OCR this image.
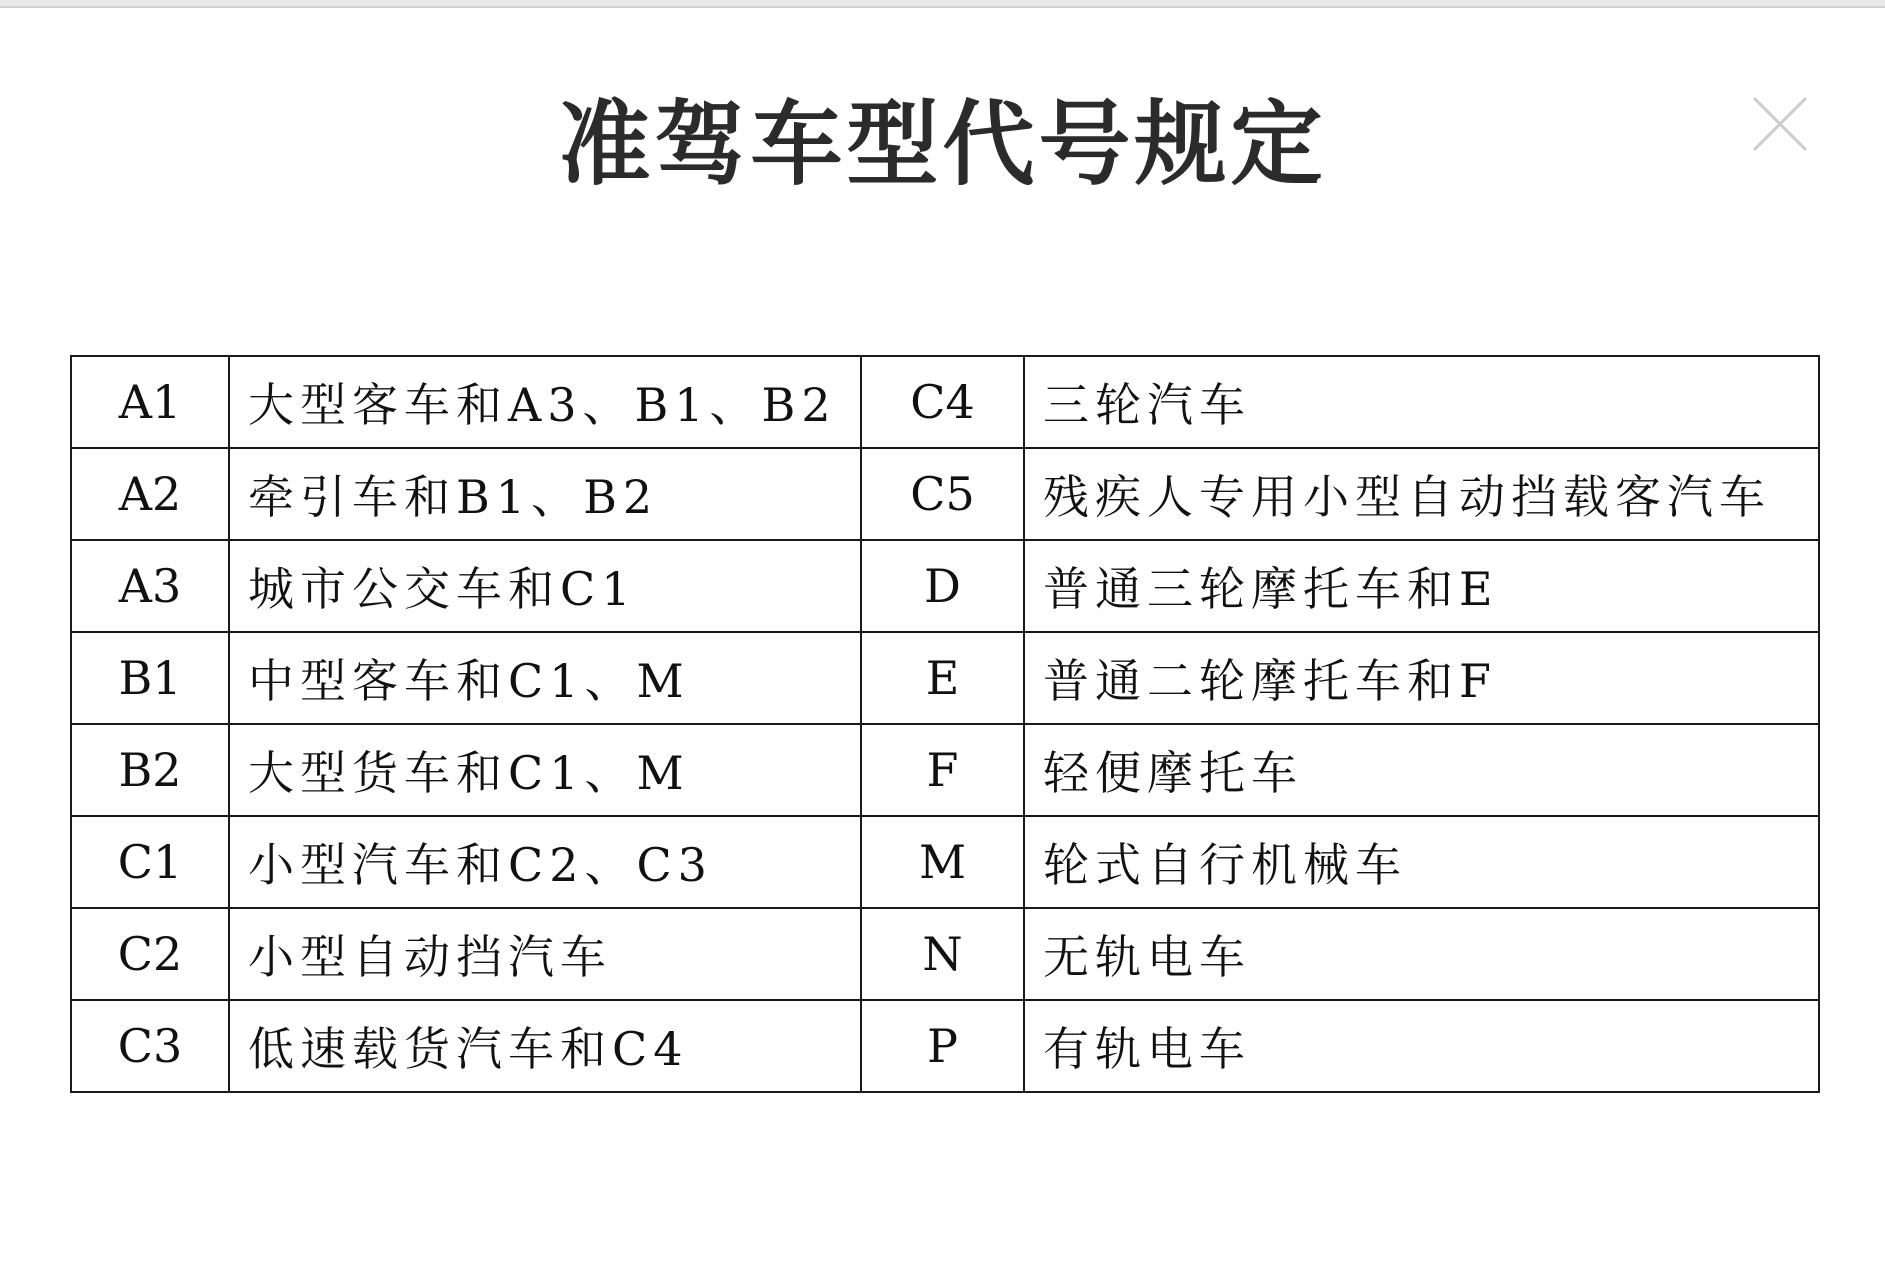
准驾车型代号规定
A1	大型客车和A3、B1、B2	C4	三轮汽车
A2	牵引车和B1、B2	C5	残疾人专用小型自动挡载客汽车
A3	城市公交车和C1	D	普通三轮摩托车和E
B1	中型客车和C1、M	E	普通二轮摩托车和F
B2	大型货车和C1、M	F	轻便摩托车
C1	小型汽车和C2、C3	M	轮式自行机械车
C2	小型自动挡汽车	N	无轨电车
C3	低速载货汽车和C4	P	有轨电车
